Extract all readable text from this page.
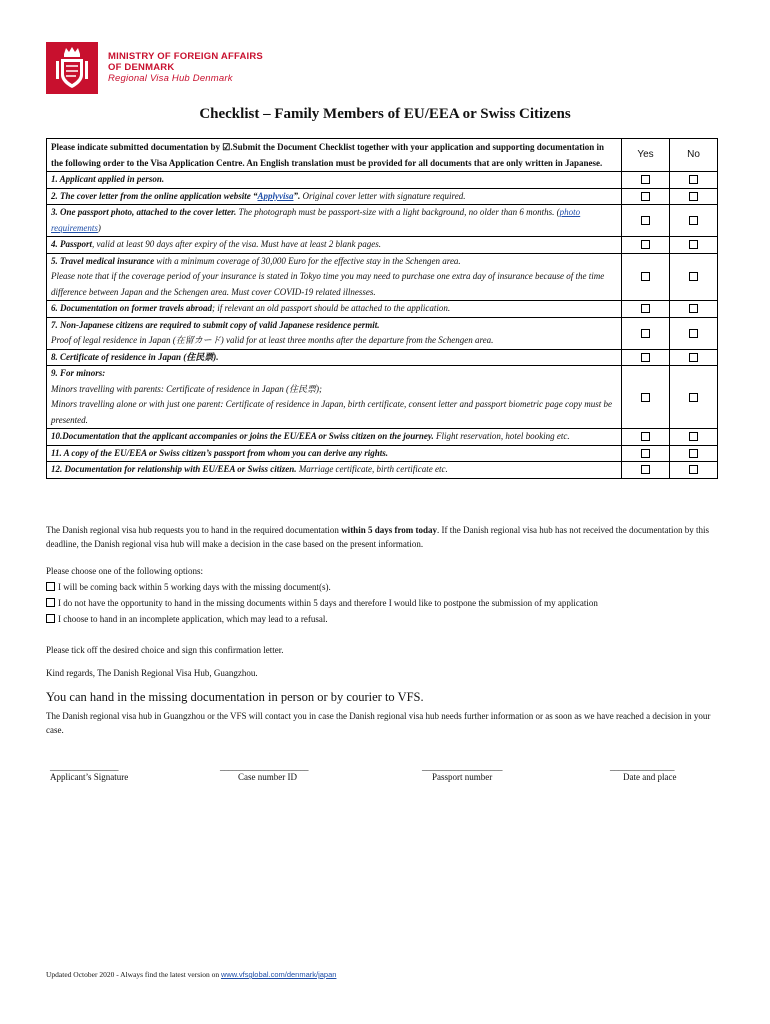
MINISTRY OF FOREIGN AFFAIRS
OF DENMARK
Regional Visa Hub Denmark
Checklist – Family Members of EU/EEA or Swiss Citizens
Please indicate submitted documentation by ☑.Submit the Document Checklist together with your application and supporting documentation in the following order to the Visa Application Centre. An English translation must be provided for all documents that are only written in Japanese.	Yes	No
1. Applicant applied in person.		
2. The cover letter from the online application website “Applyvisa”. Original cover letter with signature required.		
3. One passport photo, attached to the cover letter. The photograph must be passport-size with a light background, no older than 6 months. (photo requirements)		
4. Passport, valid at least 90 days after expiry of the visa. Must have at least 2 blank pages.		
5. Travel medical insurance with a minimum coverage of 30,000 Euro for the effective stay in the Schengen area.
Please note that if the coverage period of your insurance is stated in Tokyo time you may need to purchase one extra day of insurance because of the time difference between Japan and the Schengen area. Must cover COVID-19 related illnesses.		
6. Documentation on former travels abroad; if relevant an old passport should be attached to the application.		
7. Non-Japanese citizens are required to submit copy of valid Japanese residence permit.
Proof of legal residence in Japan (在留カード) valid for at least three months after the departure from the Schengen area.		
8. Certificate of residence in Japan (住民票).		
9. For minors:
Minors travelling with parents: Certificate of residence in Japan (住民票);
Minors travelling alone or with just one parent: Certificate of residence in Japan, birth certificate, consent letter and passport biometric page copy must be presented.		
10.Documentation that the applicant accompanies or joins the EU/EEA or Swiss citizen on the journey. Flight reservation, hotel booking etc.		
11. A copy of the EU/EEA or Swiss citizen’s passport from whom you can derive any rights.		
12. Documentation for relationship with EU/EEA or Swiss citizen. Marriage certificate, birth certificate etc.		
The Danish regional visa hub requests you to hand in the required documentation within 5 days from today. If the Danish regional visa hub has not received the documentation by this deadline, the Danish regional visa hub will make a decision in the case based on the present information.
Please choose one of the following options:
I will be coming back within 5 working days with the missing document(s).
I do not have the opportunity to hand in the missing documents within 5 days and therefore I would like to postpone the submission of my application
I choose to hand in an incomplete application, which may lead to a refusal.
Please tick off the desired choice and sign this confirmation letter.
Kind regards, The Danish Regional Visa Hub, Guangzhou.
You can hand in the missing documentation in person or by courier to VFS.
The Danish regional visa hub in Guangzhou or the VFS will contact you in case the Danish regional visa hub needs further information or as soon as we have reached a decision in your case.
_________________	______________________	____________________	________________
Applicant’s Signature	Case number ID	Passport number	Date and place
Updated October 2020 - Always find the latest version on www.vfsglobal.com/denmark/japan
